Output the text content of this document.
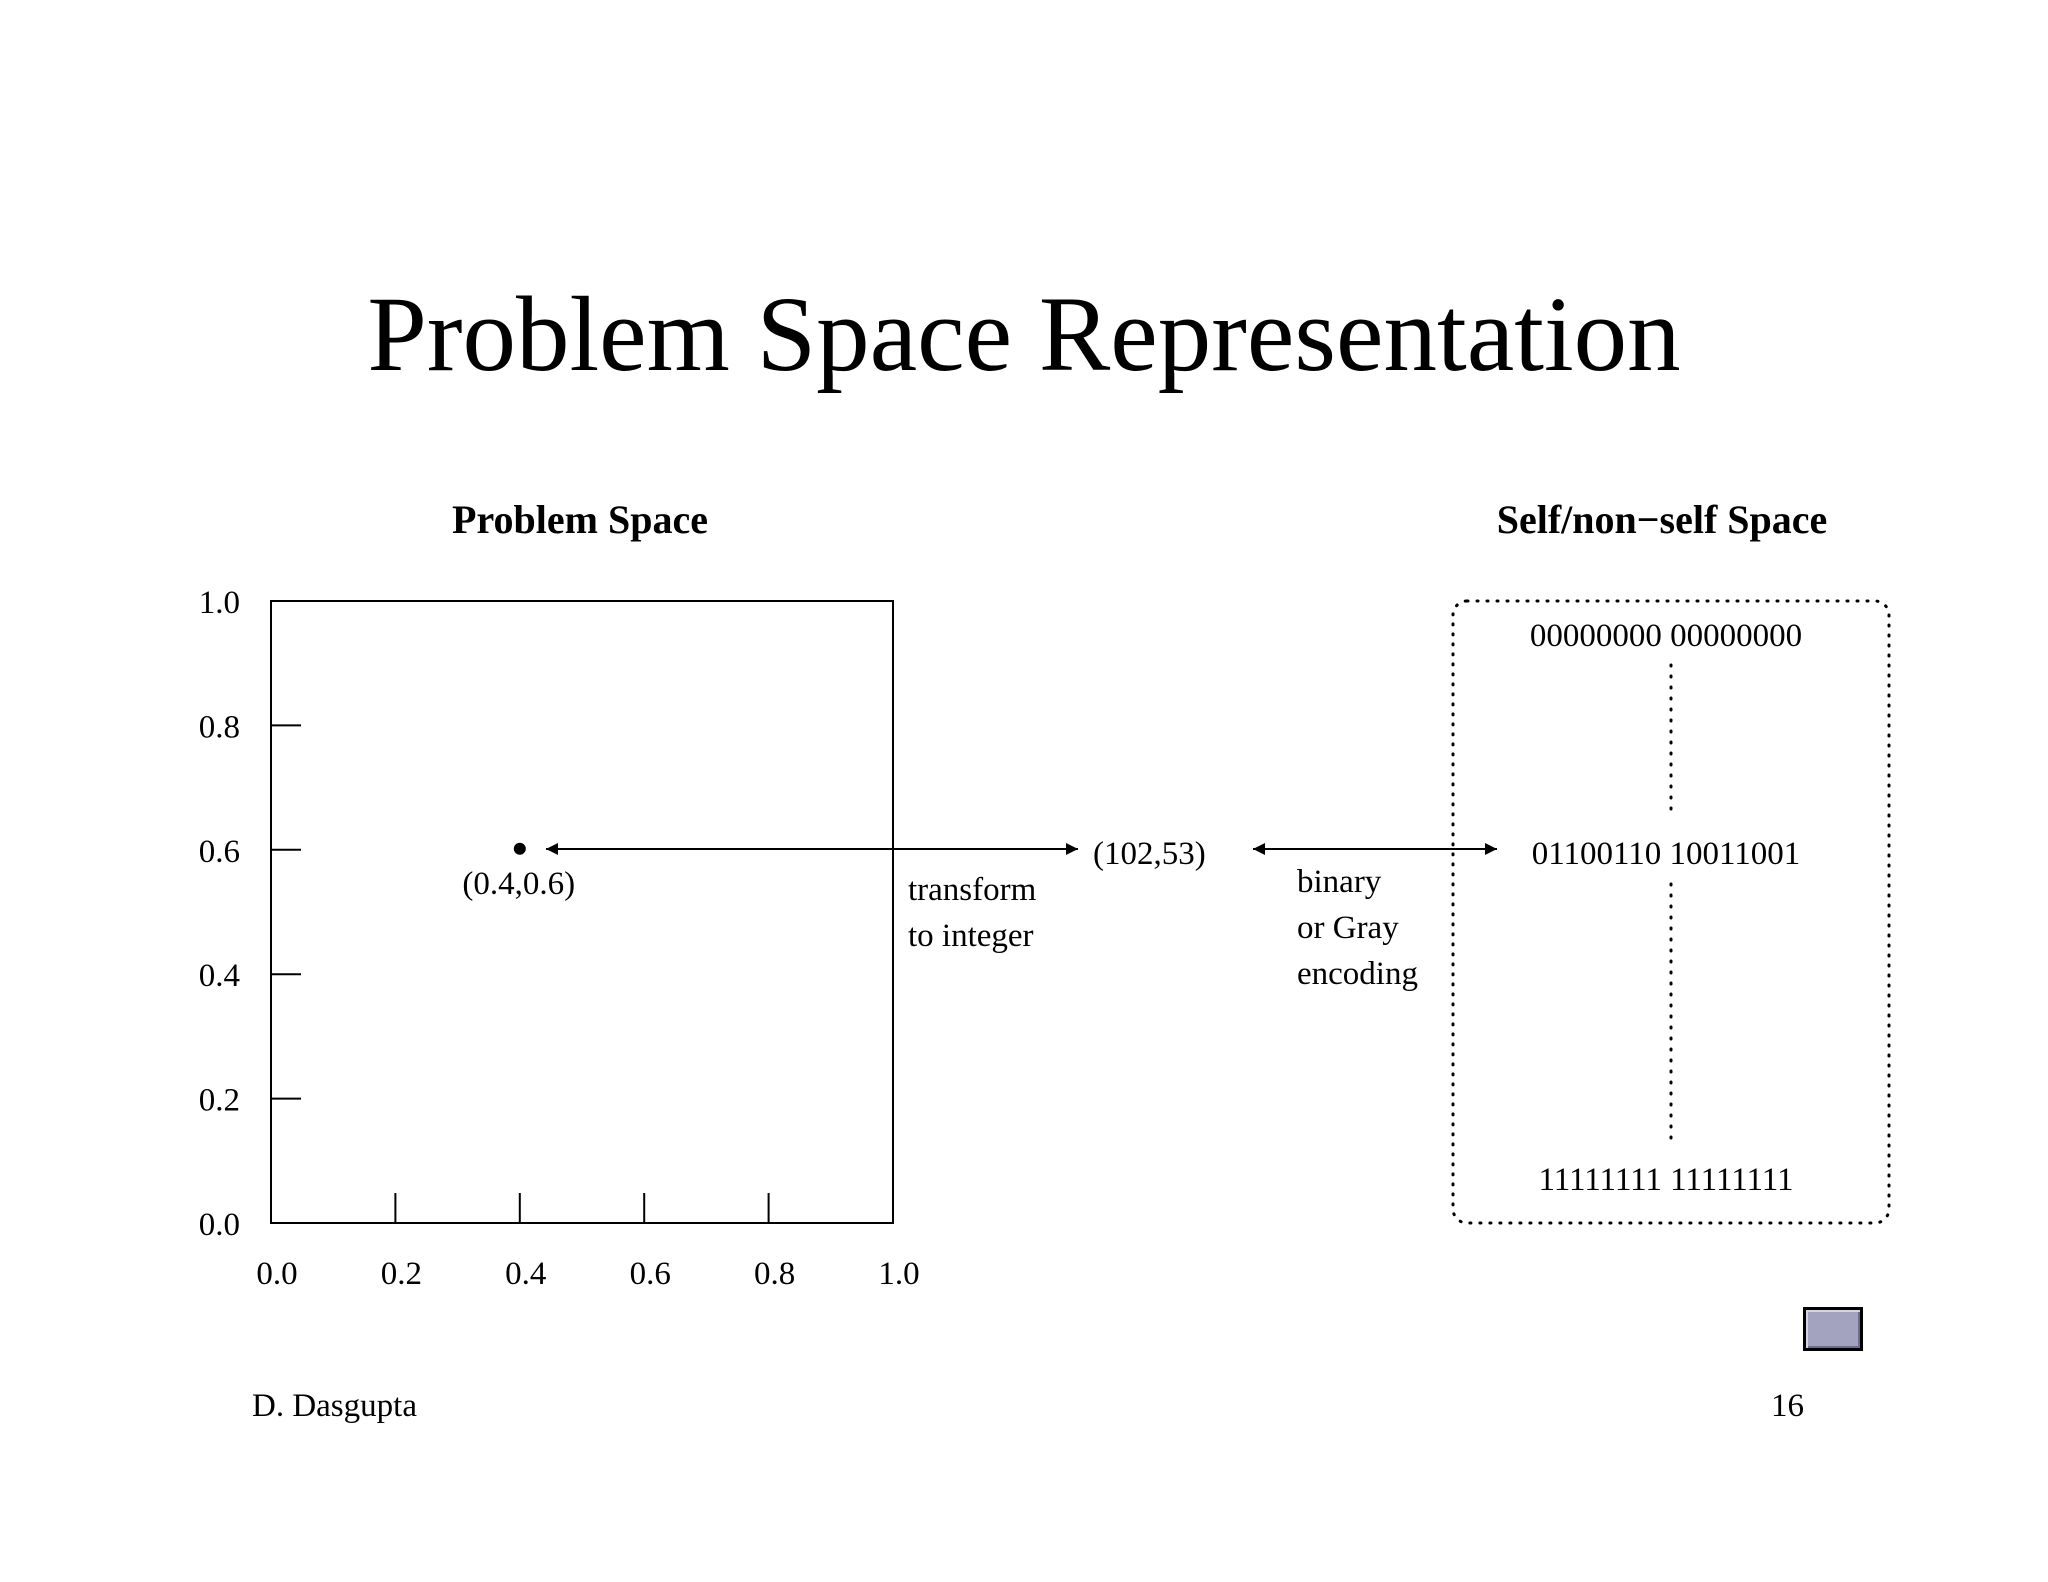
Problem Space Representation
Problem Space	Self/non−self Space
0.0
0.2
0.4
0.6
0.8
1.0
0.0	0.2	0.4	0.6	0.8	1.0
(0.4,0.6)	transform
to integer
(102,53)
binary
or Gray
encoding
00000000 00000000
01100110 10011001
11111111 11111111
D. Dasgupta	16
